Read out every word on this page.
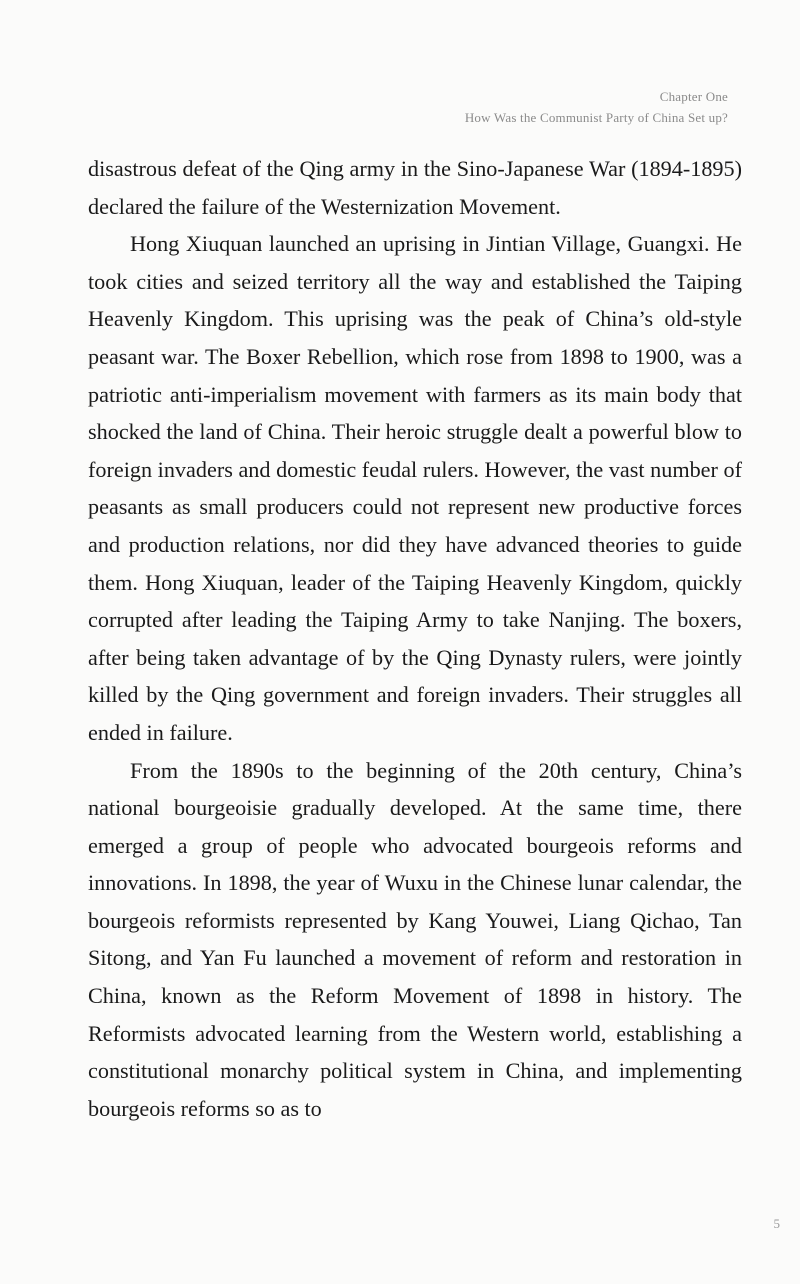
Chapter One
How Was the Communist Party of China Set up?

disastrous defeat of the Qing army in the Sino-Japanese War (1894-1895) declared the failure of the Westernization Movement.

Hong Xiuquan launched an uprising in Jintian Village, Guangxi. He took cities and seized territory all the way and established the Taiping Heavenly Kingdom. This uprising was the peak of China’s old-style peasant war. The Boxer Rebellion, which rose from 1898 to 1900, was a patriotic anti-imperialism movement with farmers as its main body that shocked the land of China. Their heroic struggle dealt a powerful blow to foreign invaders and domestic feudal rulers. However, the vast number of peasants as small producers could not represent new productive forces and production relations, nor did they have advanced theories to guide them. Hong Xiuquan, leader of the Taiping Heavenly Kingdom, quickly corrupted after leading the Taiping Army to take Nanjing. The boxers, after being taken advantage of by the Qing Dynasty rulers, were jointly killed by the Qing government and foreign invaders. Their struggles all ended in failure.

From the 1890s to the beginning of the 20th century, China’s national bourgeoisie gradually developed. At the same time, there emerged a group of people who advocated bourgeois reforms and innovations. In 1898, the year of Wuxu in the Chinese lunar calendar, the bourgeois reformists represented by Kang Youwei, Liang Qichao, Tan Sitong, and Yan Fu launched a movement of reform and restoration in China, known as the Reform Movement of 1898 in history. The Reformists advocated learning from the Western world, establishing a constitutional monarchy political system in China, and implementing bourgeois reforms so as to

5
